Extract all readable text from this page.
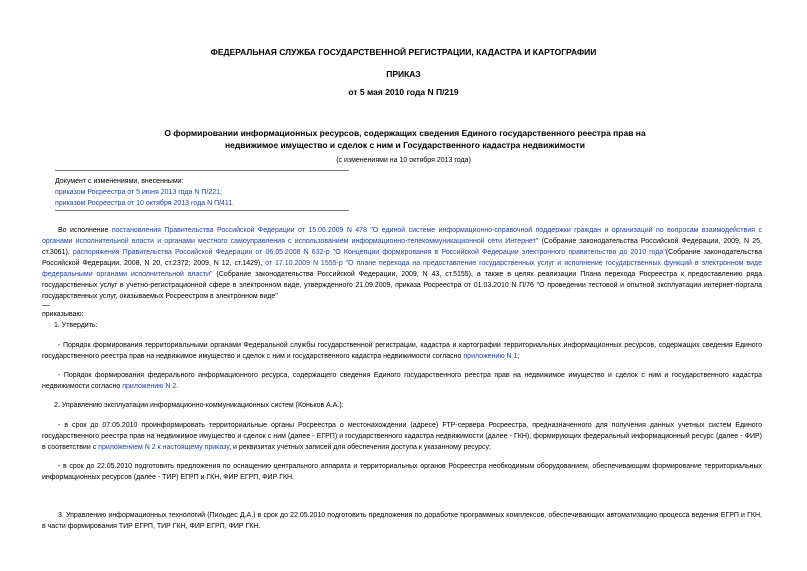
ФЕДЕРАЛЬНАЯ СЛУЖБА ГОСУДАРСТВЕННОЙ РЕГИСТРАЦИИ, КАДАСТРА И КАРТОГРАФИИ
ПРИКАЗ
от 5 мая 2010 года N П/219
О формировании информационных ресурсов, содержащих сведения Единого государственного реестра прав на недвижимое имущество и сделок с ним и Государственного кадастра недвижимости
(с изменениями на 10 октября 2013 года)
Документ с изменениями, внесенными:
приказом Росреестра от 5 июня 2013 года N П/221;
приказом Росреестра от 10 октября 2013 года N П/411.

Во исполнение постановления Правительства Российской Федерации от 15.06.2009 N 478 "О единой системе информационно-справочной поддержки граждан и организаций по вопросам взаимодействия с органами исполнительной власти и органами местного самоуправления с использованием информационно-телекоммуникационной сети Интернет" (Собрание законодательства Российской Федерации, 2009, N 25, ст.3061), распоряжения Правительства Российской Федерации от 06.05.2008 N 632-р "О Концепции формирования в Российской Федерации электронного правительства до 2010 года"(Собрание законодательства Российской Федерации, 2008, N 20, ст.2372; 2009, N 12, ст.1429), от 17.10.2009 N 1555-р "О плане перехода на предоставление государственных услуг и исполнение государственных функций в электронном виде федеральными органами исполнительной власти" (Собрание законодательства Российской Федерации, 2009, N 43, ст.5155), а также в целях реализации Плана перехода Росреестра к предоставлению ряда государственных услуг в учетно-регистрационной сфере в электронном виде, утвержденного 21.09.2009, приказа Росреестра от 01.03.2010 N П/76 "О проведении тестовой и опытной эксплуатации интернет-портала государственных услуг, оказываемых Росреестром в электронном виде"

приказываю:
1. Утвердить:

- Порядок формирования территориальными органами Федеральной службы государственной регистрации, кадастра и картографии территориальных информационных ресурсов, содержащих сведения Единого государственного реестра прав на недвижимое имущество и сделок с ним и государственного кадастра недвижимости согласно приложению N 1;

- Порядок формирования федерального информационного ресурса, содержащего сведения Единого государственного реестра прав на недвижимое имущество и сделок с ним и государственного кадастра недвижимости согласно приложению N 2.

2. Управлению эксплуатации информационно-коммуникационных систем (Коньков А.А.):

- в срок до 07.05.2010 проинформировать территориальные органы Росреестра о местонахождении (адресе) FTP-сервера Росреестра, предназначенного для получения данных учетных систем Единого государственного реестра прав на недвижимое имущество и сделок с ним (далее - ЕГРП) и государственного кадастра недвижимости (далее - ГКН), формирующих федеральный информационный ресурс (далее - ФИР) в соответствии с приложением N 2 к настоящему приказу, и реквизитах учетных записей для обеспечения доступа к указанному ресурсу;

- в срок до 22.05.2010 подготовить предложения по оснащению центрального аппарата и территориальных органов Росреестра необходимым оборудованием, обеспечивающим формирование территориальных информационных ресурсов (далее - ТИР) ЕГРП и ГКН, ФИР ЕГРП, ФИР ГКН.

3. Управлению информационных технологий (Пильдес Д.А.) в срок до 22.05.2010 подготовить предложения по доработке программных комплексов, обеспечивающих автоматизацию процесса ведения ЕГРП и ГКН, в части формирования ТИР ЕГРП, ТИР ГКН, ФИР ЕГРП, ФИР ГКН.
